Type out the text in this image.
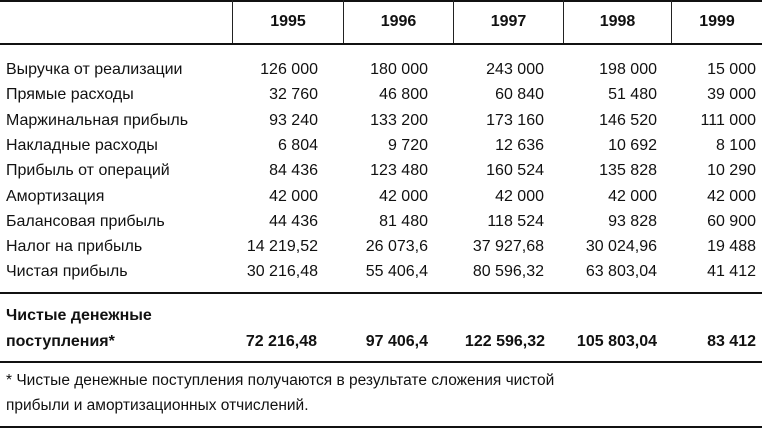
1995	1996	1997	1998	1999
Выручка от реализации	126 000	180 000	243 000	198 000	15 000
Прямые расходы	32 760	46 800	60 840	51 480	39 000
Маржинальная прибыль	93 240	133 200	173 160	146 520	111 000
Накладные расходы	6 804	9 720	12 636	10 692	8 100
Прибыль от операций	84 436	123 480	160 524	135 828	10 290
Амортизация	42 000	42 000	42 000	42 000	42 000
Балансовая прибыль	44 436	81 480	118 524	93 828	60 900
Налог на прибыль	14 219,52	26 073,6	37 927,68	30 024,96	19 488
Чистая прибыль	30 216,48	55 406,4	80 596,32	63 803,04	41 412
Чистые денежные
поступления*	72 216,48	97 406,4	122 596,32	105 803,04	83 412
* Чистые денежные поступления получаются в результате сложения чистой
прибыли и амортизационных отчислений.
